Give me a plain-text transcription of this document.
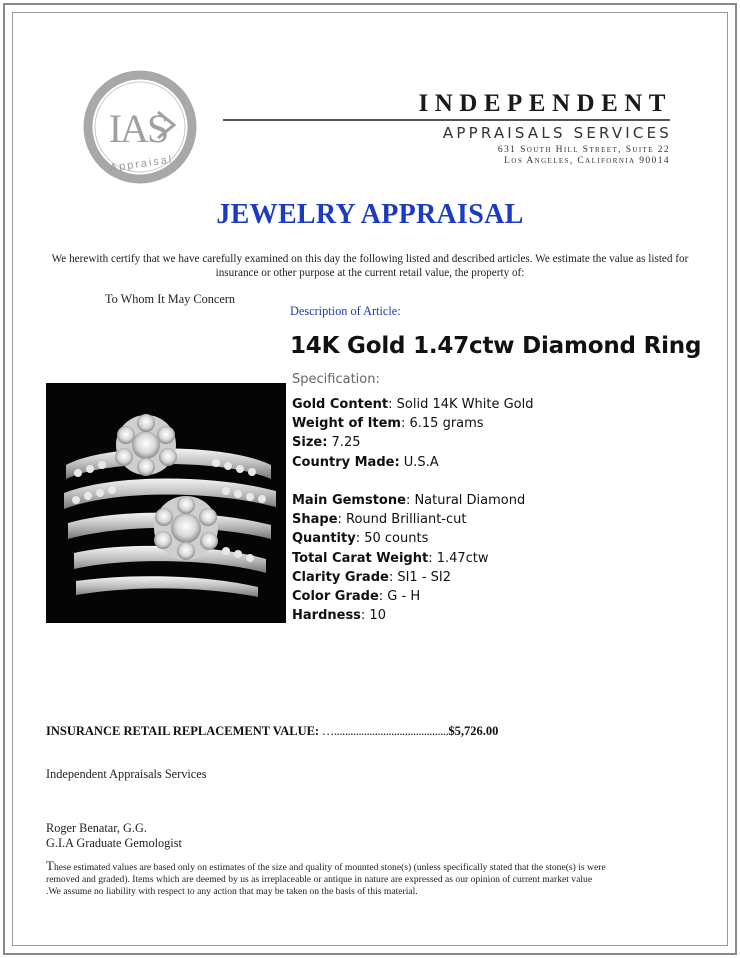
IAS
Appraisal
INDEPENDENT
APPRAISALS SERVICES
631 South Hill Street, Suite 22
Los Angeles, California 90014
JEWELRY APPRAISAL
We herewith certify that we have carefully examined on this day the following listed and described articles. We estimate the value as listed for insurance or other purpose at the current retail value, the property of:
To Whom It May Concern
Description of Article:
14K Gold 1.47ctw Diamond Ring
Specification:
Gold Content: Solid 14K White Gold
Weight of Item: 6.15 grams
Size: 7.25
Country Made: U.S.A
Main Gemstone: Natural Diamond
Shape: Round Brilliant-cut
Quantity: 50 counts
Total Carat Weight: 1.47ctw
Clarity Grade: SI1 - SI2
Color Grade: G - H
Hardness: 10
INSURANCE RETAIL REPLACEMENT VALUE: …..........................................$5,726.00
Independent Appraisals Services
Roger Benatar, G.G.
G.I.A Graduate Gemologist
These estimated values are based only on estimates of the size and quality of mounted stone(s) (unless specifically stated that the stone(s) is were removed and graded). Items which are deemed by us as irreplaceable or antique in nature are expressed as our opinion of current market value .We assume no liability with respect to any action that may be taken on the basis of this material.
